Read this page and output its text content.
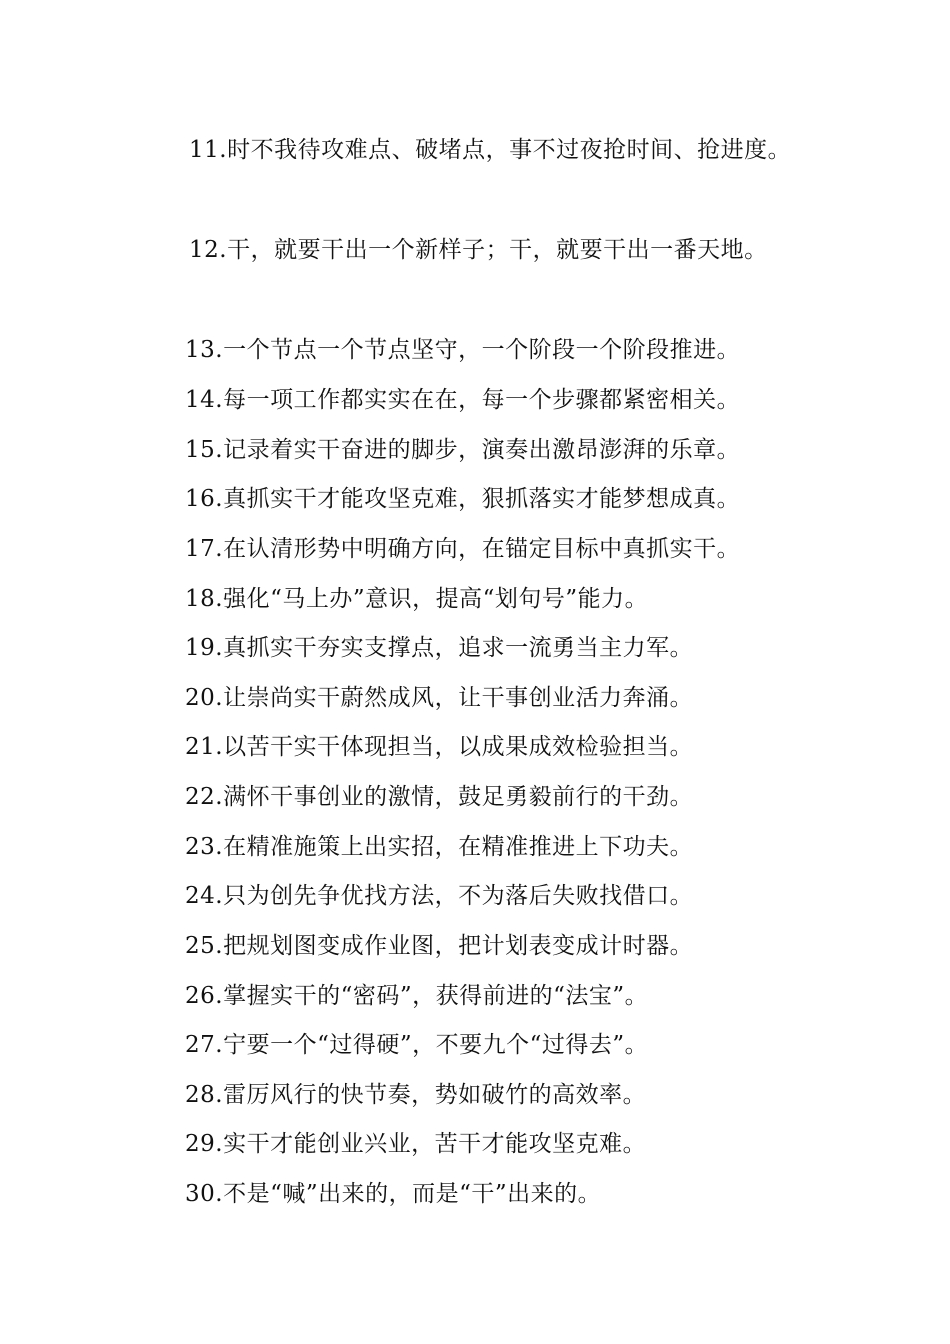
11.时不我待攻难点、破堵点，事不过夜抢时间、抢进度。

12.干，就要干出一个新样子；干，就要干出一番天地。

13.一个节点一个节点坚守，一个阶段一个阶段推进。

14.每一项工作都实实在在，每一个步骤都紧密相关。

15.记录着实干奋进的脚步，演奏出激昂澎湃的乐章。

16.真抓实干才能攻坚克难，狠抓落实才能梦想成真。

17.在认清形势中明确方向，在锚定目标中真抓实干。

18.强化“马上办”意识，提高“划句号”能力。

19.真抓实干夯实支撑点，追求一流勇当主力军。

20.让崇尚实干蔚然成风，让干事创业活力奔涌。

21.以苦干实干体现担当，以成果成效检验担当。

22.满怀干事创业的激情，鼓足勇毅前行的干劲。

23.在精准施策上出实招，在精准推进上下功夫。

24.只为创先争优找方法，不为落后失败找借口。

25.把规划图变成作业图，把计划表变成计时器。

26.掌握实干的“密码”，获得前进的“法宝”。

27.宁要一个“过得硬”，不要九个“过得去”。

28.雷厉风行的快节奏，势如破竹的高效率。

29.实干才能创业兴业，苦干才能攻坚克难。

30.不是“喊”出来的，而是“干”出来的。
